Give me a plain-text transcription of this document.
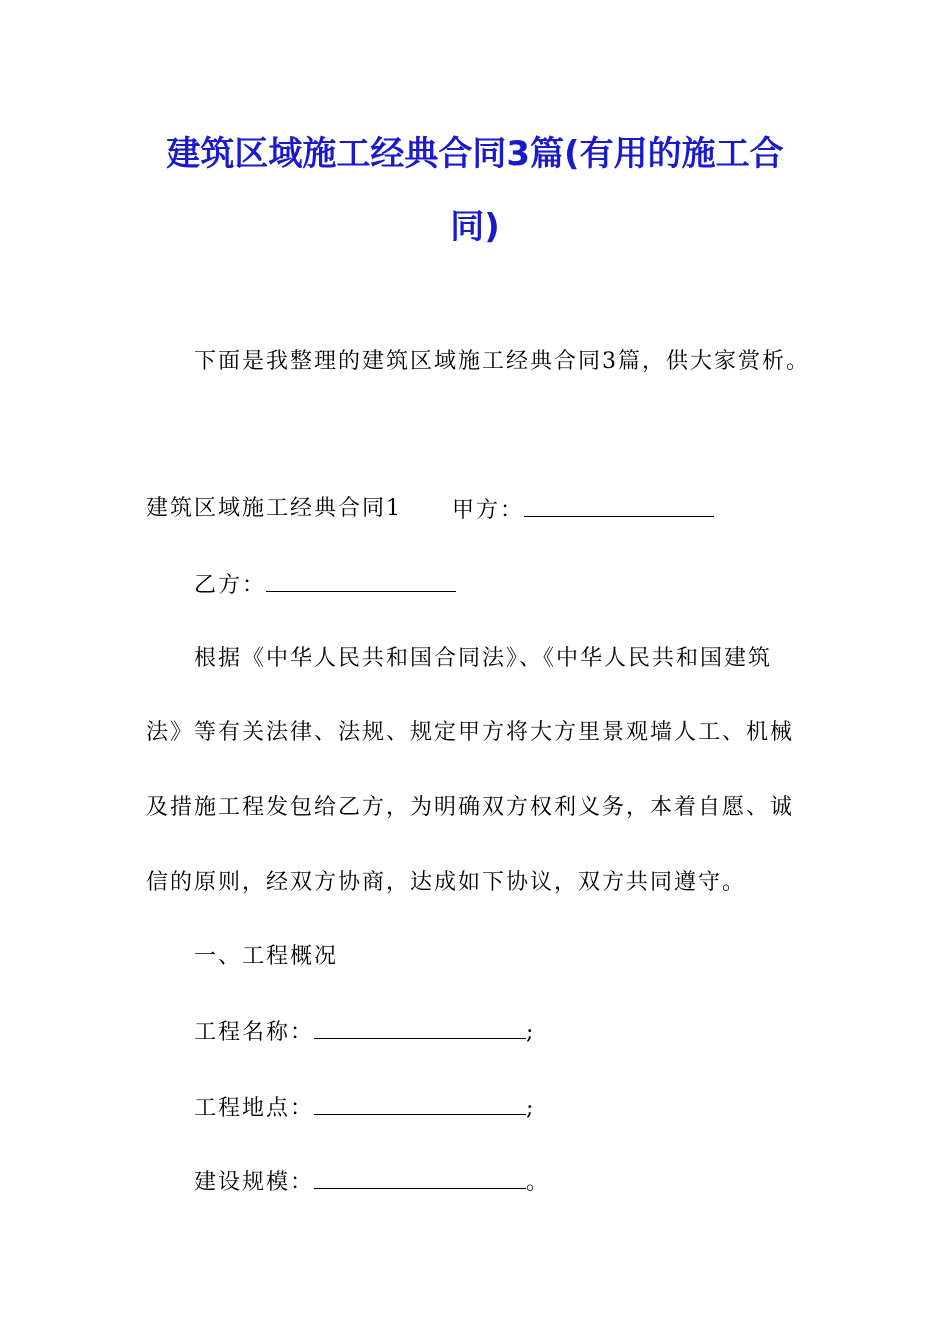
建筑区域施工经典合同3篇(有用的施工合
同)

下面是我整理的建筑区域施工经典合同3篇，供大家赏析。

建筑区域施工经典合同1 甲方：

乙方：

根据《中华人民共和国合同法》、《中华人民共和国建筑

法》等有关法律、法规、规定甲方将大方里景观墙人工、机械

及措施工程发包给乙方，为明确双方权利义务，本着自愿、诚

信的原则，经双方协商，达成如下协议，双方共同遵守。

一、工程概况

工程名称：	;

工程地点：	;

建设规模：	。
